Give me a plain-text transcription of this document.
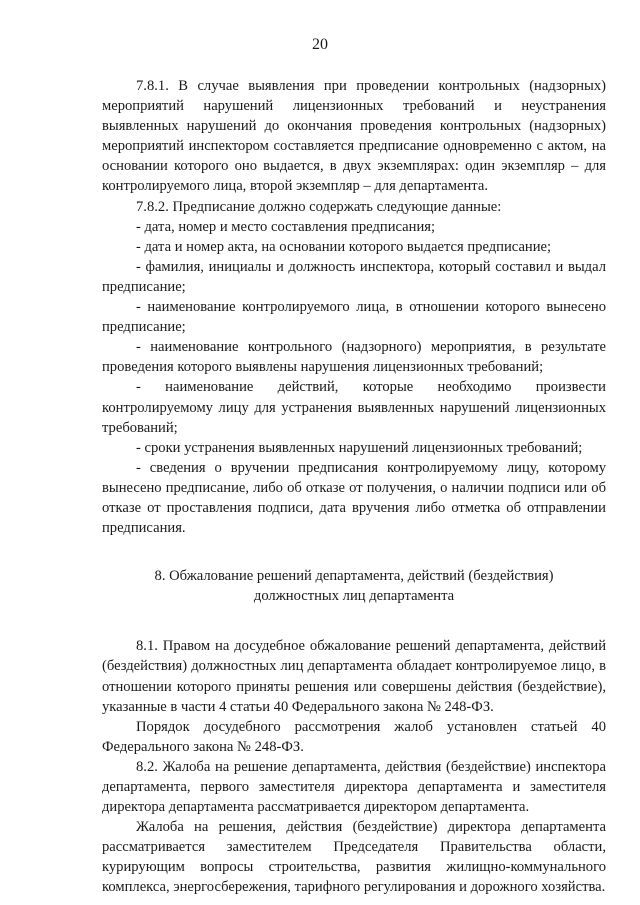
20

7.8.1. В случае выявления при проведении контрольных (надзорных) мероприятий нарушений лицензионных требований и неустранения выявленных нарушений до окончания проведения контрольных (надзорных) мероприятий инспектором составляется предписание одновременно с актом, на основании которого оно выдается, в двух экземплярах: один экземпляр – для контролируемого лица, второй экземпляр – для департамента.

7.8.2. Предписание должно содержать следующие данные:

- дата, номер и место составления предписания;

- дата и номер акта, на основании которого выдается предписание;

- фамилия, инициалы и должность инспектора, который составил и выдал предписание;

- наименование контролируемого лица, в отношении которого вынесено предписание;

- наименование контрольного (надзорного) мероприятия, в результате проведения которого выявлены нарушения лицензионных требований;

- наименование действий, которые необходимо произвести контролируемому лицу для устранения выявленных нарушений лицензионных требований;

- сроки устранения выявленных нарушений лицензионных требований;

- сведения о вручении предписания контролируемому лицу, которому вынесено предписание, либо об отказе от получения, о наличии подписи или об отказе от проставления подписи, дата вручения либо отметка об отправлении предписания.

8. Обжалование решений департамента, действий (бездействия)
должностных лиц департамента

8.1. Правом на досудебное обжалование решений департамента, действий (бездействия) должностных лиц департамента обладает контролируемое лицо, в отношении которого приняты решения или совершены действия (бездействие), указанные в части 4 статьи 40 Федерального закона № 248-ФЗ.

Порядок досудебного рассмотрения жалоб установлен статьей 40 Федерального закона № 248-ФЗ.

8.2. Жалоба на решение департамента, действия (бездействие) инспектора департамента, первого заместителя директора департамента и заместителя директора департамента рассматривается директором департамента.

Жалоба на решения, действия (бездействие) директора департамента рассматривается заместителем Председателя Правительства области, курирующим вопросы строительства, развития жилищно-коммунального комплекса, энергосбережения, тарифного регулирования и дорожного хозяйства.
